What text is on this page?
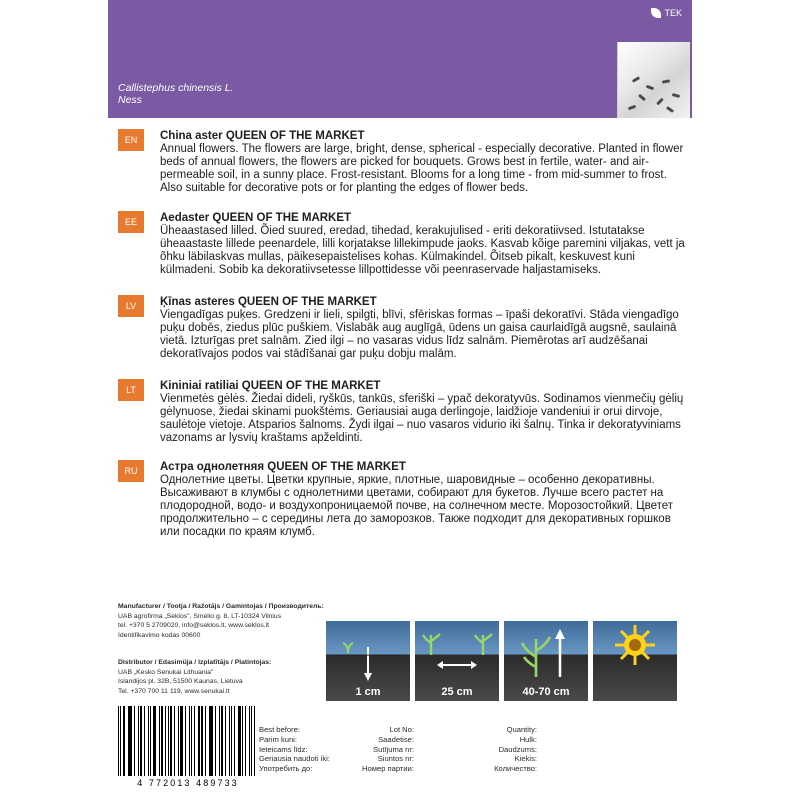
TEK
Callistephus chinensis L.
Ness
EN	China aster QUEEN OF THE MARKET

Annual flowers. The flowers are large, bright, dense, spherical - especially decorative. Planted in flower beds of annual flowers, the flowers are picked for bouquets. Grows best in fertile, water- and air-permeable soil, in a sunny place. Frost-resistant. Blooms for a long time - from mid-summer to frost. Also suitable for decorative pots or for planting the edges of flower beds.

EE	Aedaster QUEEN OF THE MARKET

Üheaastased lilled. Õied suured, eredad, tihedad, kerakujulised - eriti dekoratiivsed. Istutatakse üheaastaste lillede peenardele, lilli korjatakse lillekimpude jaoks. Kasvab kõige paremini viljakas, vett ja õhku läbilaskvas mullas, päikesepaistelises kohas. Külmakindel. Õitseb pikalt, keskuvest kuni külmadeni. Sobib ka dekoratiivsetesse lillpottidesse või peenraservade haljastamiseks.

LV	Ķīnas asteres QUEEN OF THE MARKET

Viengadīgas puķes. Gredzeni ir lieli, spilgti, blīvi, sfēriskas formas – īpaši dekoratīvi. Stāda viengadīgo puķu dobēs, ziedus plūc puškiem. Vislabāk aug auglīgā, ūdens un gaisa caurlaidīgā augsnē, saulainā vietā. Izturīgas pret salnām. Zied ilgi – no vasaras vidus līdz salnām. Piemērotas arī audzēšanai dekoratīvajos podos vai stādīšanai gar puķu dobju malām.

LT	Kininiai ratiliai QUEEN OF THE MARKET

Vienmetės gėlės. Žiedai dideli, ryškūs, tankūs, sferiški – ypač dekoratyvūs. Sodinamos vienmečių gėlių gėlynuose, žiedai skinami puokštėms. Geriausiai auga derlingoje, laidžioje vandeniui ir orui dirvoje, saulėtoje vietoje. Atsparios šalnoms. Žydi ilgai – nuo vasaros vidurio iki šalnų. Tinka ir dekoratyviniams vazonams ar lysvių kraštams apželdinti.

RU	Астра однолетняя QUEEN OF THE MARKET

Однолетние цветы. Цветки крупные, яркие, плотные, шаровидные – особенно декоративны. Высаживают в клумбы с однолетними цветами, собирают для букетов. Лучше всего растет на плодородной, водо- и воздухопроницаемой почве, на солнечном месте. Морозостойкий. Цветет продолжительно – с середины лета до заморозков. Также подходит для декоративных горшков или посадки по краям клумб.

Manufacturer / Tootja / Ražotājs / Gamintojas / Производитель:
UAB agrofirma „Sėklos", Smėlio g. 8, LT-10324 Vilnius
tel. +370 5 2709020, info@seklos.lt, www.seklos.lt
Identifikavimo kodas 00600
Distributor / Edasimüja / Izplatītājs / Platintojas:
UAB „Kesko Senukai Lithuania"
Islandijos pl. 32B, 51500 Kaunas, Lietuva
Tel. +370 700 11 119, www.senukai.lt	1 cm	25 cm	40-70 cm
4 772013 489733
Best before:
Parim kuni:
Ieteicams līdz:
Geriausia naudoti iki:
Употребить до:
Lot No:
Saadetise:
Sutījuma nr:
Siuntos nr:
Номер партии:
Quantity:
Hulk:
Daudzums:
Kiekis:
Количество:
